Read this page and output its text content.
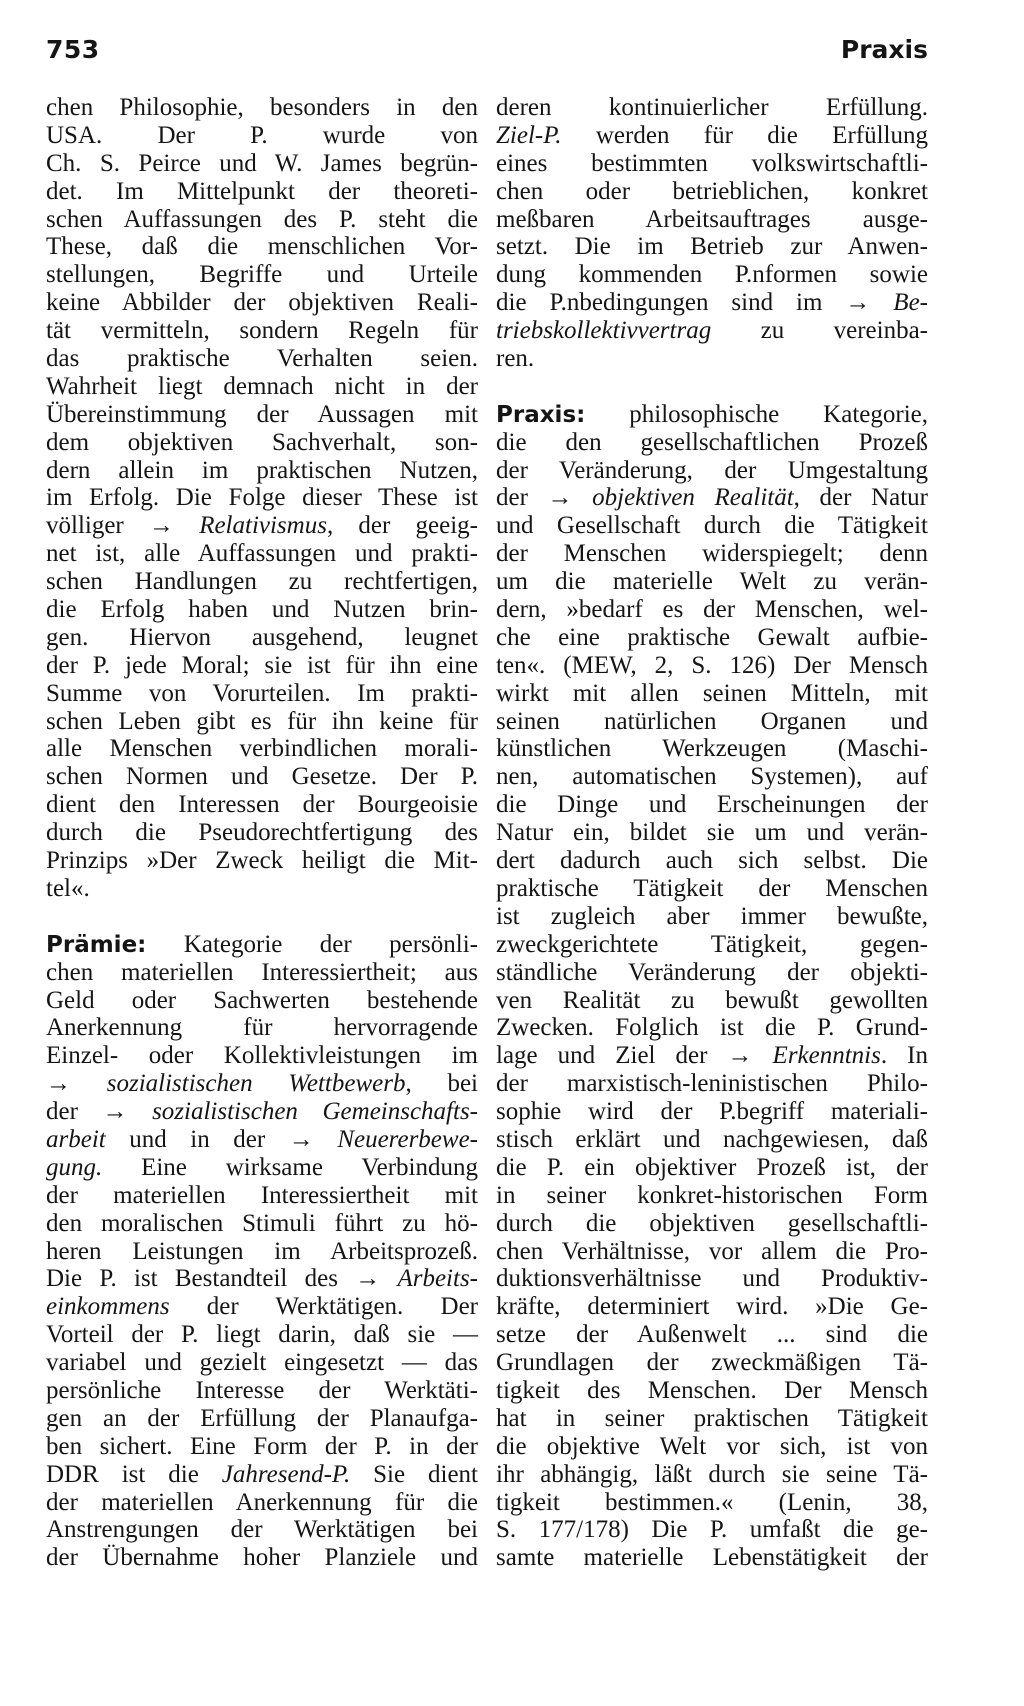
753	Praxis
chen Philosophie, besonders in den
USA. Der P. wurde von
Ch. S. Peirce und W. James begrün-
det. Im Mittelpunkt der theoreti-
schen Auffassungen des P. steht die
These, daß die menschlichen Vor-
stellungen, Begriffe und Urteile
keine Abbilder der objektiven Reali-
tät vermitteln, sondern Regeln für
das praktische Verhalten seien.
Wahrheit liegt demnach nicht in der
Übereinstimmung der Aussagen mit
dem objektiven Sachverhalt, son-
dern allein im praktischen Nutzen,
im Erfolg. Die Folge dieser These ist
völliger → Relativismus, der geeig-
net ist, alle Auffassungen und prakti-
schen Handlungen zu rechtfertigen,
die Erfolg haben und Nutzen brin-
gen. Hiervon ausgehend, leugnet
der P. jede Moral; sie ist für ihn eine
Summe von Vorurteilen. Im prakti-
schen Leben gibt es für ihn keine für
alle Menschen verbindlichen morali-
schen Normen und Gesetze. Der P.
dient den Interessen der Bourgeoisie
durch die Pseudorechtfertigung des
Prinzips »Der Zweck heiligt die Mit-
tel«.
Prämie: Kategorie der persönli-
chen materiellen Interessiertheit; aus
Geld oder Sachwerten bestehende
Anerkennung für hervorragende
Einzel- oder Kollektivleistungen im
→ sozialistischen Wettbewerb, bei
der → sozialistischen Gemeinschafts-
arbeit und in der → Neuererbewe-
gung. Eine wirksame Verbindung
der materiellen Interessiertheit mit
den moralischen Stimuli führt zu hö-
heren Leistungen im Arbeitsprozeß.
Die P. ist Bestandteil des → Arbeits-
einkommens der Werktätigen. Der
Vorteil der P. liegt darin, daß sie —
variabel und gezielt eingesetzt — das
persönliche Interesse der Werktäti-
gen an der Erfüllung der Planaufga-
ben sichert. Eine Form der P. in der
DDR ist die Jahresend-P. Sie dient
der materiellen Anerkennung für die
Anstrengungen der Werktätigen bei
der Übernahme hoher Planziele und
deren kontinuierlicher Erfüllung.
Ziel-P. werden für die Erfüllung
eines bestimmten volkswirtschaftli-
chen oder betrieblichen, konkret
meßbaren Arbeitsauftrages ausge-
setzt. Die im Betrieb zur Anwen-
dung kommenden P.nformen sowie
die P.nbedingungen sind im → Be-
triebskollektivvertrag zu vereinba-
ren.
Praxis: philosophische Kategorie,
die den gesellschaftlichen Prozeß
der Veränderung, der Umgestaltung
der → objektiven Realität, der Natur
und Gesellschaft durch die Tätigkeit
der Menschen widerspiegelt; denn
um die materielle Welt zu verän-
dern, »bedarf es der Menschen, wel-
che eine praktische Gewalt aufbie-
ten«. (MEW, 2, S. 126) Der Mensch
wirkt mit allen seinen Mitteln, mit
seinen natürlichen Organen und
künstlichen Werkzeugen (Maschi-
nen, automatischen Systemen), auf
die Dinge und Erscheinungen der
Natur ein, bildet sie um und verän-
dert dadurch auch sich selbst. Die
praktische Tätigkeit der Menschen
ist zugleich aber immer bewußte,
zweckgerichtete Tätigkeit, gegen-
ständliche Veränderung der objekti-
ven Realität zu bewußt gewollten
Zwecken. Folglich ist die P. Grund-
lage und Ziel der → Erkenntnis. In
der marxistisch-leninistischen Philo-
sophie wird der P.begriff materiali-
stisch erklärt und nachgewiesen, daß
die P. ein objektiver Prozeß ist, der
in seiner konkret-historischen Form
durch die objektiven gesellschaftli-
chen Verhältnisse, vor allem die Pro-
duktionsverhältnisse und Produktiv-
kräfte, determiniert wird. »Die Ge-
setze der Außenwelt ... sind die
Grundlagen der zweckmäßigen Tä-
tigkeit des Menschen. Der Mensch
hat in seiner praktischen Tätigkeit
die objektive Welt vor sich, ist von
ihr abhängig, läßt durch sie seine Tä-
tigkeit bestimmen.« (Lenin, 38,
S. 177/178) Die P. umfaßt die ge-
samte materielle Lebenstätigkeit der
